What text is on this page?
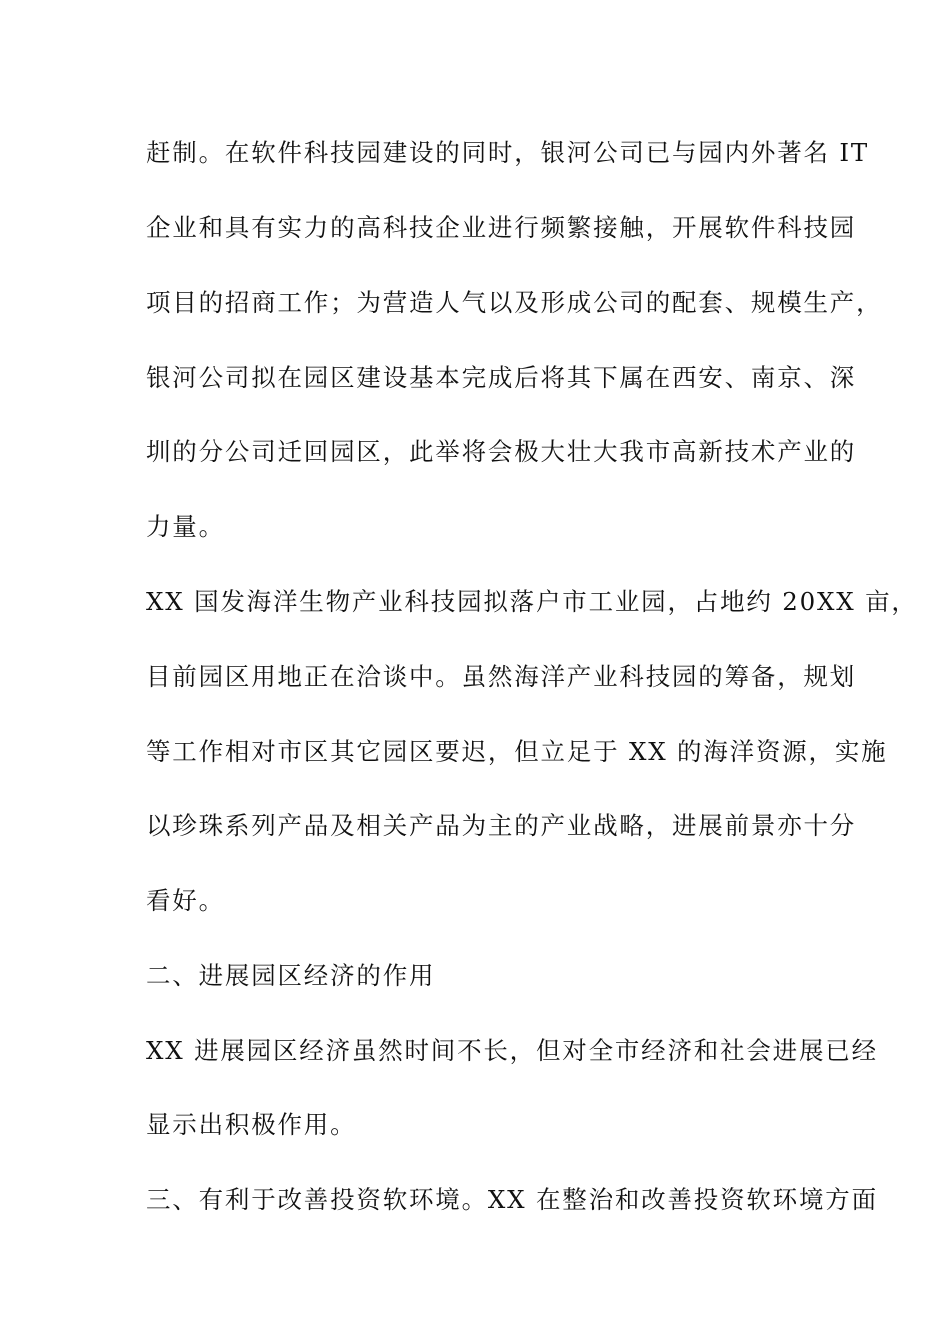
赶制。在软件科技园建设的同时，银河公司已与园内外著名 IT
企业和具有实力的高科技企业进行频繁接触，开展软件科技园
项目的招商工作；为营造人气以及形成公司的配套、规模生产，
银河公司拟在园区建设基本完成后将其下属在西安、南京、深
圳的分公司迁回园区，此举将会极大壮大我市高新技术产业的
力量。
XX 国发海洋生物产业科技园拟落户市工业园，占地约 20XX 亩，
目前园区用地正在洽谈中。虽然海洋产业科技园的筹备，规划
等工作相对市区其它园区要迟，但立足于 XX 的海洋资源，实施
以珍珠系列产品及相关产品为主的产业战略，进展前景亦十分
看好。
二、进展园区经济的作用
XX 进展园区经济虽然时间不长，但对全市经济和社会进展已经
显示出积极作用。
三、有利于改善投资软环境。XX 在整治和改善投资软环境方面
